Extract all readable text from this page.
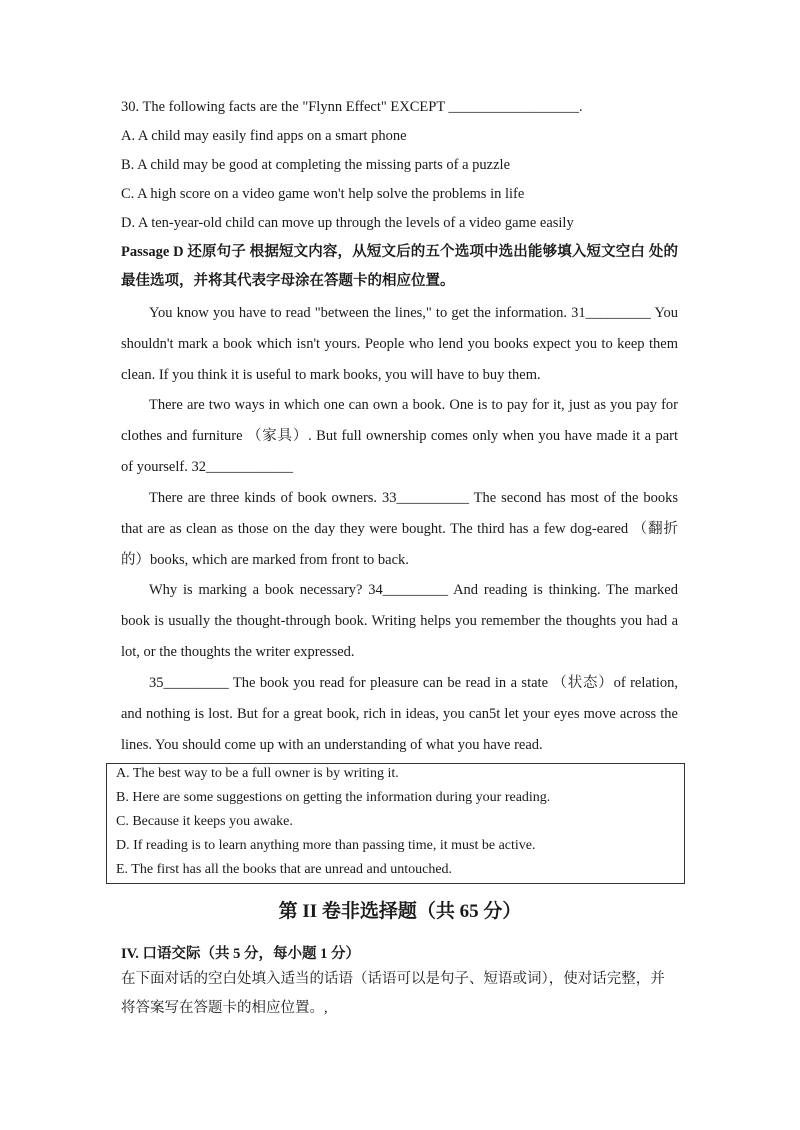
30. The following facts are the "Flynn Effect" EXCEPT __________________.
A. A child may easily find apps on a smart phone
B. A child may be good at completing the missing parts of a puzzle
C. A high score on a video game won't help solve the problems in life
D. A ten-year-old child can move up through the levels of a video game easily
Passage D 还原句子 根据短文内容，从短文后的五个选项中选出能够填入短文空白 处的最佳选项，并将其代表字母涂在答题卡的相应位置。
You know you have to read "between the lines," to get the information. 31_________ You shouldn't mark a book which isn't yours. People who lend you books expect you to keep them clean. If you think it is useful to mark books, you will have to buy them.
There are two ways in which one can own a book. One is to pay for it, just as you pay for clothes and furniture （家具）. But full ownership comes only when you have made it a part of yourself. 32____________
There are three kinds of book owners. 33__________ The second has most of the books that are as clean as those on the day they were bought. The third has a few dog-eared （翻折的）books, which are marked from front to back.
Why is marking a book necessary? 34_________ And reading is thinking. The marked book is usually the thought-through book. Writing helps you remember the thoughts you had a lot, or the thoughts the writer expressed.
35_________ The book you read for pleasure can be read in a state （状态）of relation, and nothing is lost. But for a great book, rich in ideas, you can5t let your eyes move across the lines. You should come up with an understanding of what you have read.
A. The best way to be a full owner is by writing it.
B. Here are some suggestions on getting the information during your reading.
C. Because it keeps you awake.
D. If reading is to learn anything more than passing time, it must be active.
E. The first has all the books that are unread and untouched.
第 II 卷非选择题（共 65 分）
IV. 口语交际（共 5 分，每小题 1 分）
在下面对话的空白处填入适当的话语（话语可以是句子、短语或词），使对话完整，并将答案写在答题卡的相应位置。,
